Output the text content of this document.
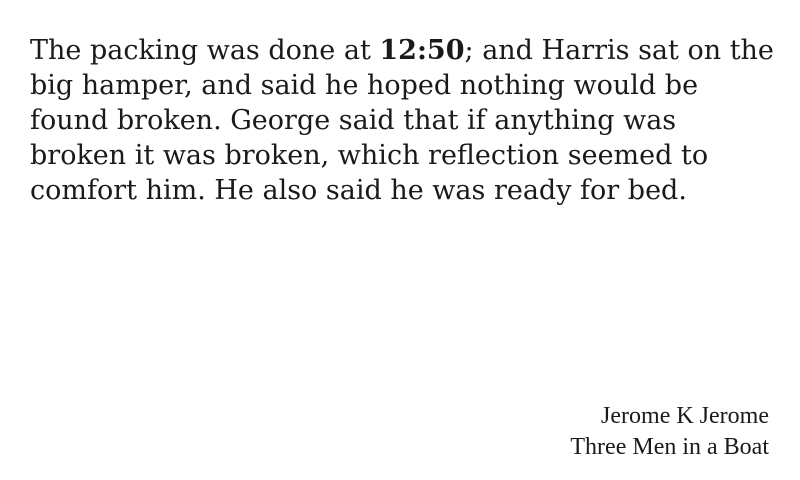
The packing was done at 12:50; and Harris sat on the big hamper, and said he hoped nothing would be found broken. George said that if anything was broken it was broken, which reflection seemed to comfort him. He also said he was ready for bed.

Jerome K Jerome
Three Men in a Boat
